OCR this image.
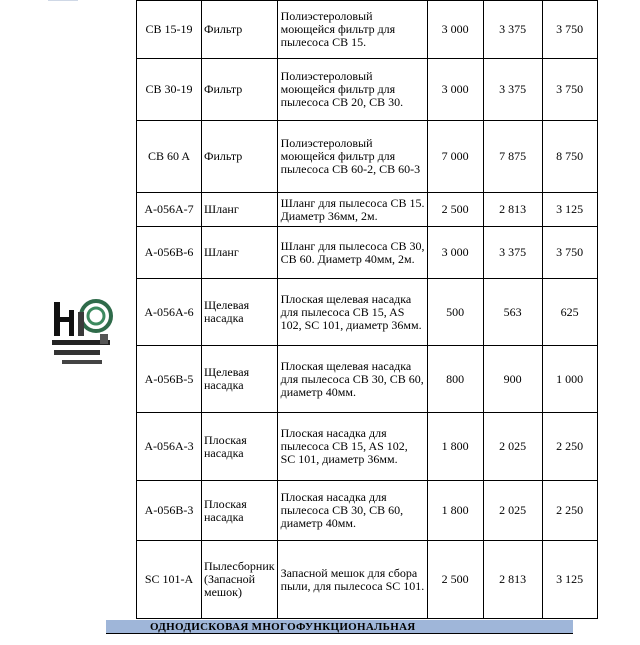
CB 15-19	Фильтр	Полиэстероловый моющейся фильтр для пылесоса CB 15.	3 000	3 375	3 750
CB 30-19	Фильтр	Полиэстероловый моющейся фильтр для пылесоса CB 20, CB 30.	3 000	3 375	3 750
CB 60 A	Фильтр	Полиэстероловый моющейся фильтр для пылесоса CB 60-2, CB 60-3	7 000	7 875	8 750
A-056A-7	Шланг	Шланг для пылесоса CB 15. Диаметр 36мм, 2м.	2 500	2 813	3 125
A-056B-6	Шланг	Шланг для пылесоса CB 30, CB 60. Диаметр 40мм, 2м.	3 000	3 375	3 750
A-056A-6	Щелевая насадка	Плоская щелевая насадка для пылесоса CB 15, AS 102, SC 101, диаметр 36мм.	500	563	625
A-056B-5	Щелевая насадка	Плоская щелевая насадка для пылесоса CB 30, CB 60, диаметр 40мм.	800	900	1 000
A-056A-3	Плоская насадка	Плоская насадка для пылесоса CB 15, AS 102, SC 101, диаметр 36мм.	1 800	2 025	2 250
A-056B-3	Плоская насадка	Плоская насадка для пылесоса CB 30, CB 60, диаметр 40мм.	1 800	2 025	2 250
SC 101-A	Пылесборник (Запасной мешок)	Запасной мешок для сбора пыли, для пылесоса SC 101.	2 500	2 813	3 125
ОДНОДИСКОВАЯ МНОГОФУНКЦИОНАЛЬНАЯ
